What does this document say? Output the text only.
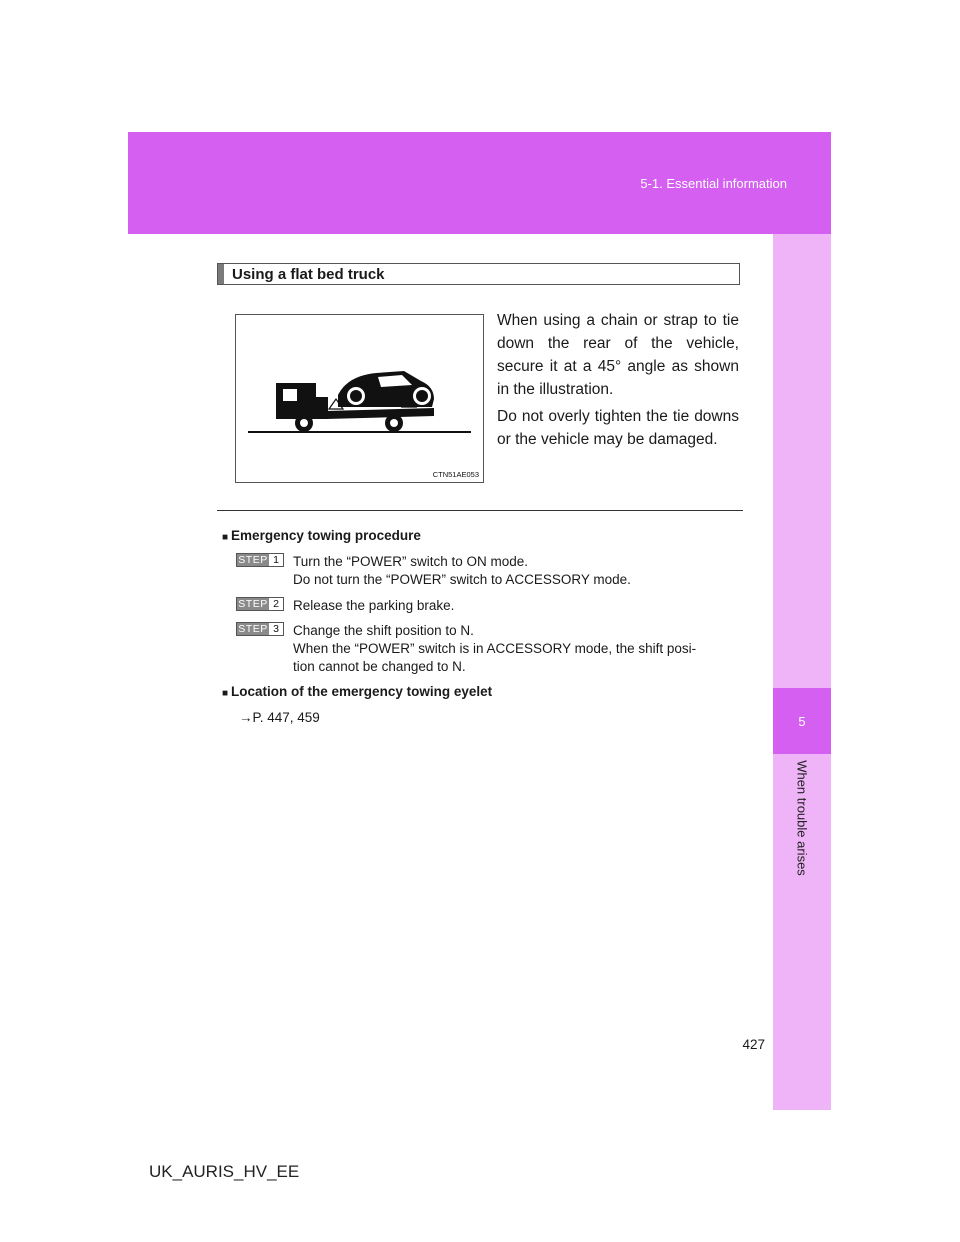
5-1. Essential information
5
When trouble arises
Using a flat bed truck
CTN51AE053
When using a chain or strap to tie down the rear of the vehicle, secure it at a 45° angle as shown in the illustration.
Do not overly tighten the tie downs or the vehicle may be damaged.
■ Emergency towing procedure
STEP 1	Turn the “POWER” switch to ON mode.
Do not turn the “POWER” switch to ACCESSORY mode.
STEP 2	Release the parking brake.
STEP 3	Change the shift position to N.
When the “POWER” switch is in ACCESSORY mode, the shift posi-
tion cannot be changed to N.
■ Location of the emergency towing eyelet
→P. 447, 459
427
UK_AURIS_HV_EE
